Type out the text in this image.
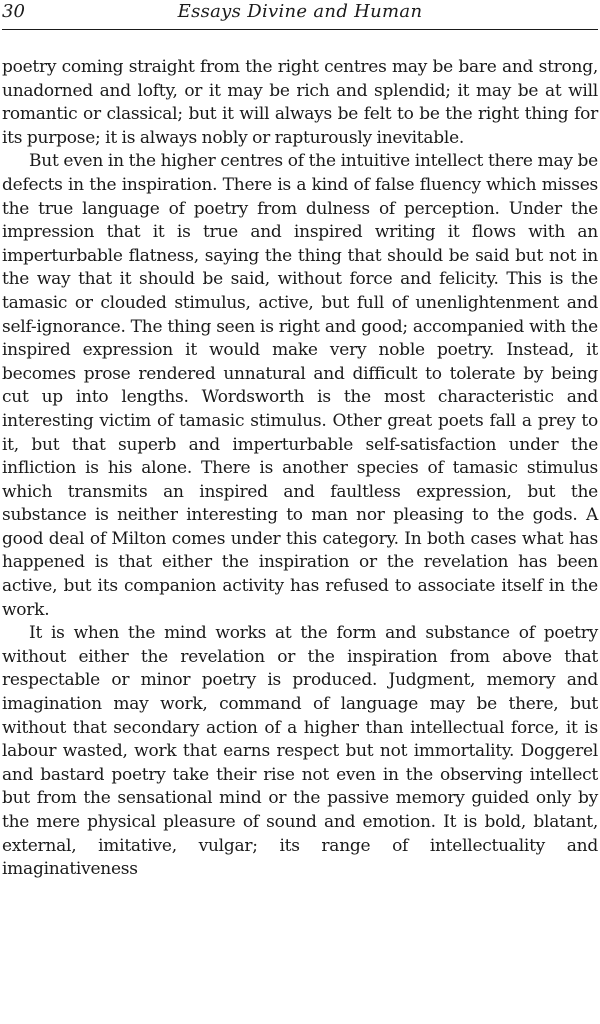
30	Essays Divine and Human

poetry coming straight from the right centres may be bare and strong, unadorned and lofty, or it may be rich and splendid; it may be at will romantic or classical; but it will always be felt to be the right thing for its purpose; it is always nobly or rapturously inevitable.

But even in the higher centres of the intuitive intellect there may be defects in the inspiration. There is a kind of false fluency which misses the true language of poetry from dulness of perception. Under the impression that it is true and inspired writing it flows with an imperturbable flatness, saying the thing that should be said but not in the way that it should be said, without force and felicity. This is the tamasic or clouded stimulus, active, but full of unenlightenment and self-ignorance. The thing seen is right and good; accompanied with the inspired expression it would make very noble poetry. Instead, it becomes prose rendered unnatural and difficult to tolerate by being cut up into lengths. Wordsworth is the most characteristic and interesting victim of tamasic stimulus. Other great poets fall a prey to it, but that superb and imperturbable self-satisfaction under the infliction is his alone. There is another species of tamasic stimulus which transmits an inspired and faultless expression, but the substance is neither interesting to man nor pleasing to the gods. A good deal of Milton comes under this category. In both cases what has happened is that either the inspiration or the revelation has been active, but its companion activity has refused to associate itself in the work.

It is when the mind works at the form and substance of poetry without either the revelation or the inspiration from above that respectable or minor poetry is produced. Judgment, memory and imagination may work, command of language may be there, but without that secondary action of a higher than intellectual force, it is labour wasted, work that earns respect but not immortality. Doggerel and bastard poetry take their rise not even in the observing intellect but from the sensational mind or the passive memory guided only by the mere physical pleasure of sound and emotion. It is bold, blatant, external, imitative, vulgar; its range of intellectuality and imaginativeness
